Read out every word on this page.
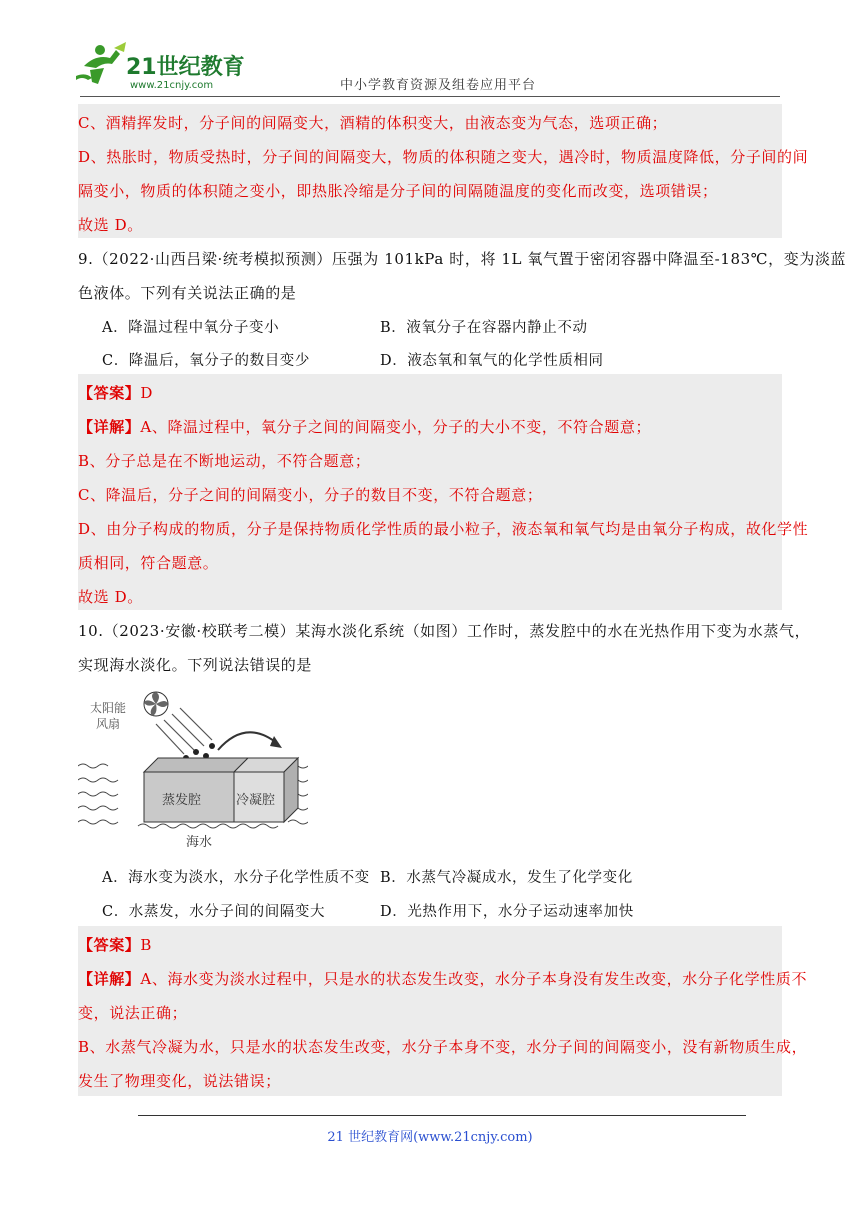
21世纪教育
www.21cnjy.com	中小学教育资源及组卷应用平台
C、酒精挥发时，分子间的间隔变大，酒精的体积变大，由液态变为气态，选项正确；
D、热胀时，物质受热时，分子间的间隔变大，物质的体积随之变大，遇冷时，物质温度降低，分子间的间
隔变小，物质的体积随之变小，即热胀冷缩是分子间的间隔随温度的变化而改变，选项错误；
故选 D。
9.（2022·山西吕梁·统考模拟预测）压强为 101kPa 时，将 1L 氧气置于密闭容器中降温至-183℃，变为淡蓝
色液体。下列有关说法正确的是
A．降温过程中氧分子变小	B．液氧分子在容器内静止不动
C．降温后，氧分子的数目变少	D．液态氧和氧气的化学性质相同
【答案】D
【详解】A、降温过程中，氧分子之间的间隔变小，分子的大小不变，不符合题意；
B、分子总是在不断地运动，不符合题意；
C、降温后，分子之间的间隔变小，分子的数目不变，不符合题意；
D、由分子构成的物质，分子是保持物质化学性质的最小粒子，液态氧和氧气均是由氧分子构成，故化学性
质相同，符合题意。
故选 D。
10.（2023·安徽·校联考二模）某海水淡化系统（如图）工作时，蒸发腔中的水在光热作用下变为水蒸气，
实现海水淡化。下列说法错误的是
太阳能
风扇
蒸发腔	冷凝腔
海水
A．海水变为淡水，水分子化学性质不变 B．水蒸气冷凝成水，发生了化学变化
C．水蒸发，水分子间的间隔变大	D．光热作用下，水分子运动速率加快
【答案】B
【详解】A、海水变为淡水过程中，只是水的状态发生改变，水分子本身没有发生改变，水分子化学性质不
变，说法正确；
B、水蒸气冷凝为水，只是水的状态发生改变，水分子本身不变，水分子间的间隔变小，没有新物质生成，
发生了物理变化，说法错误；
21 世纪教育网(www.21cnjy.com)
